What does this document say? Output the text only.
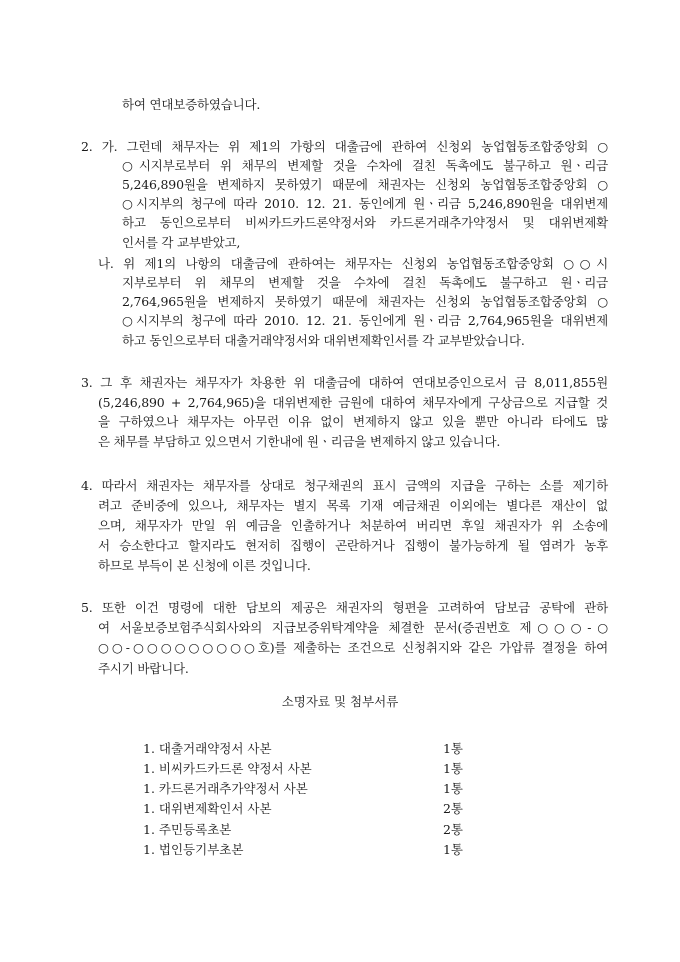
하여 연대보증하였습니다.
2. 가. 그런데 채무자는 위 제1의 가항의 대출금에 관하여 신청외 농업협동조합중앙회 ○
○시지부로부터 위 채무의 변제할 것을 수차에 걸친 독촉에도 불구하고 원ㆍ리금
5,246,890원을 변제하지 못하였기 때문에 채권자는 신청외 농업협동조합중앙회 ○
○시지부의 청구에 따라 2010. 12. 21. 동인에게 원ㆍ리금 5,246,890원을 대위변제
하고 동인으로부터 비씨카드카드론약정서와 카드론거래추가약정서 및 대위변제확
인서를 각 교부받았고,
나. 위 제1의 나항의 대출금에 관하여는 채무자는 신청외 농업협동조합중앙회 ○○시
지부로부터 위 채무의 변제할 것을 수차에 걸친 독촉에도 불구하고 원ㆍ리금
2,764,965원을 변제하지 못하였기 때문에 채권자는 신청외 농업협동조합중앙회 ○
○시지부의 청구에 따라 2010. 12. 21. 동인에게 원ㆍ리금 2,764,965원을 대위변제
하고 동인으로부터 대출거래약정서와 대위변제확인서를 각 교부받았습니다.
3. 그 후 채권자는 채무자가 차용한 위 대출금에 대하여 연대보증인으로서 금 8,011,855원
(5,246,890 + 2,764,965)을 대위변제한 금원에 대하여 채무자에게 구상금으로 지급할 것
을 구하였으나 채무자는 아무런 이유 없이 변제하지 않고 있을 뿐만 아니라 타에도 많
은 채무를 부담하고 있으면서 기한내에 원ㆍ리금을 변제하지 않고 있습니다.
4. 따라서 채권자는 채무자를 상대로 청구채권의 표시 금액의 지급을 구하는 소를 제기하
려고 준비중에 있으나, 채무자는 별지 목록 기재 예금채권 이외에는 별다른 재산이 없
으며, 채무자가 만일 위 예금을 인출하거나 처분하여 버리면 후일 채권자가 위 소송에
서 승소한다고 할지라도 현저히 집행이 곤란하거나 집행이 불가능하게 될 염려가 농후
하므로 부득이 본 신청에 이른 것입니다.
5. 또한 이건 명령에 대한 담보의 제공은 채권자의 형편을 고려하여 담보금 공탁에 관하
여 서울보증보험주식회사와의 지급보증위탁계약을 체결한 문서(증권번호 제○○○-○
○○-○○○○○○○○○호)를 제출하는 조건으로 신청취지와 같은 가압류 결정을 하여
주시기 바랍니다.
소명자료 및 첨부서류
1. 대출거래약정서 사본	1통
1. 비씨카드카드론 약정서 사본	1통
1. 카드론거래추가약정서 사본	1통
1. 대위변제확인서 사본	2통
1. 주민등록초본	2통
1. 법인등기부초본	1통
